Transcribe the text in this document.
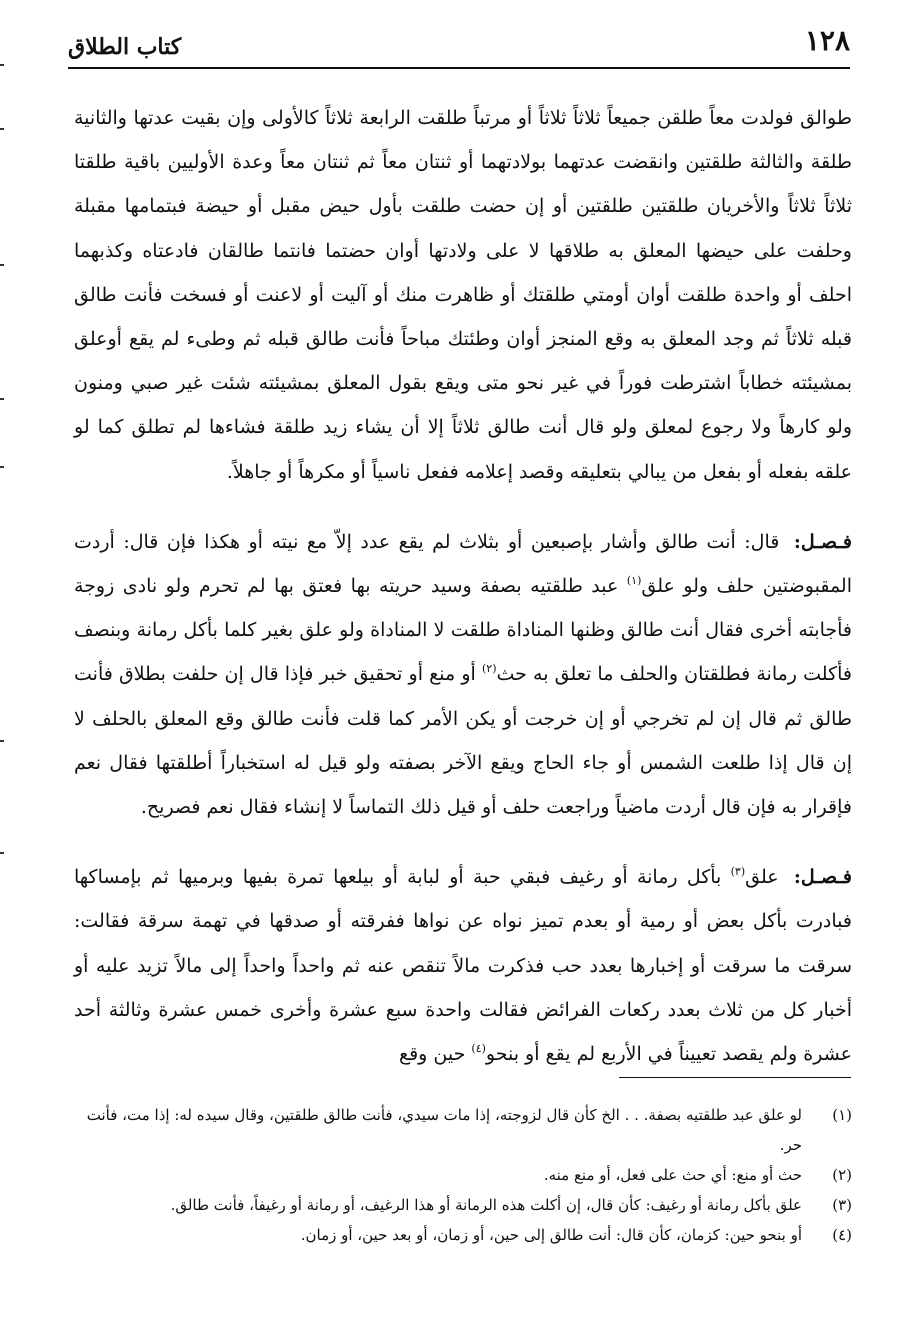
١٢٨
كتاب الطلاق

طوالق فولدت معاً طلقن جميعاً ثلاثاً ثلاثاً أو مرتباً طلقت الرابعة ثلاثاً كالأولى وإن بقيت عدتها والثانية طلقة والثالثة طلقتين وانقضت عدتهما بولادتهما أو ثنتان معاً ثم ثنتان معاً وعدة الأوليين باقية طلقتا ثلاثاً ثلاثاً والأخريان طلقتين طلقتين أو إن حضت طلقت بأول حيض مقبل أو حيضة فبتمامها مقبلة وحلفت على حيضها المعلق به طلاقها لا على ولادتها أوان حضتما فانتما طالقان فادعتاه وكذبهما احلف أو واحدة طلقت أوان أومتي طلقتك أو ظاهرت منك أو آليت أو لاعنت أو فسخت فأنت طالق قبله ثلاثاً ثم وجد المعلق به وقع المنجز أوان وطئتك مباحاً فأنت طالق قبله ثم وطىء لم يقع أوعلق بمشيئته خطاباً اشترطت فوراً في غير نحو متى ويقع بقول المعلق بمشيئته شئت غير صبي ومنون ولو كارهاً ولا رجوع لمعلق ولو قال أنت طالق ثلاثاً إلا أن يشاء زيد طلقة فشاءها لم تطلق كما لو علقه بفعله أو بفعل من يبالي بتعليقه وقصد إعلامه ففعل ناسياً أو مكرهاً أو جاهلاً.

فـصـل: قال: أنت طالق وأشار بإصبعين أو بثلاث لم يقع عدد إلاّ مع نيته أو هكذا فإن قال: أردت المقبوضتين حلف ولو علق$^{(١)}$ عبد طلقتيه بصفة وسيد حريته بها فعتق بها لم تحرم ولو نادى زوجة فأجابته أخرى فقال أنت طالق وظنها المناداة طلقت لا المناداة ولو علق بغير كلما بأكل رمانة وبنصف فأكلت رمانة فطلقتان والحلف ما تعلق به حث$^{(٢)}$ أو منع أو تحقيق خبر فإذا قال إن حلفت بطلاق فأنت طالق ثم قال إن لم تخرجي أو إن خرجت أو يكن الأمر كما قلت فأنت طالق وقع المعلق بالحلف لا إن قال إذا طلعت الشمس أو جاء الحاج ويقع الآخر بصفته ولو قيل له استخباراً أطلقتها فقال نعم فإقرار به فإن قال أردت ماضياً وراجعت حلف أو قيل ذلك التماساً لا إنشاء فقال نعم فصريح.

فـصـل: علق$^{(٣)}$ بأكل رمانة أو رغيف فبقي حبة أو لبابة أو بيلعها تمرة بفيها وبرميها ثم بإمساكها فبادرت بأكل بعض أو رمية أو بعدم تميز نواه عن نواها ففرقته أو صدقها في تهمة سرقة فقالت: سرقت ما سرقت أو إخبارها بعدد حب فذكرت مالاً تنقص عنه ثم واحداً واحداً إلى مالاً تزيد عليه أو أخبار كل من ثلاث بعدد ركعات الفرائض فقالت واحدة سبع عشرة وأخرى خمس عشرة وثالثة أحد عشرة ولم يقصد تعييناً في الأربع لم يقع أو بنحو$^{(٤)}$ حين وقع

(١)
لو علق عبد طلقتيه بصفة. . . الخ كأن قال لزوجته، إذا مات سيدي، فأنت طالق طلقتين، وقال سيده له: إذا مت، فأنت حر.
(٢)
حث أو منع: أي حث على فعل، أو منع منه.
(٣)
علق بأكل رمانة أو رغيف: كأن قال، إن أكلت هذه الرمانة أو هذا الرغيف، أو رمانة أو رغيفاً، فأنت طالق.
(٤)
أو بنحو حين: كزمان، كأن قال: أنت طالق إلى حين، أو زمان، أو بعد حين، أو زمان.
